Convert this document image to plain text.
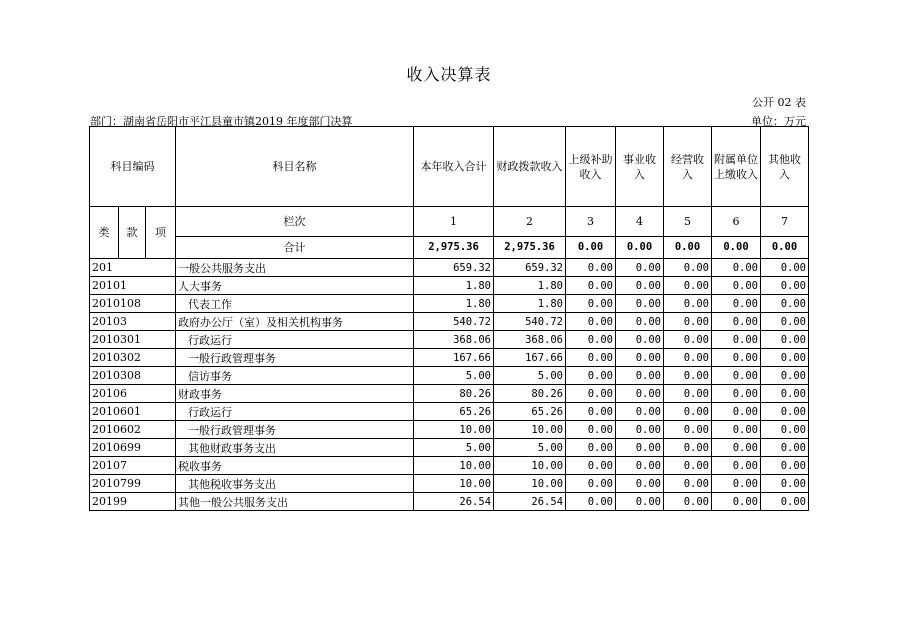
收入决算表
公开 02 表
部门：湖南省岳阳市平江县童市镇2019 年度部门决算	单位：万元
科目编码			科目名称	本年收入合计	财政拨款收入	上级补助收入	事业收入	经营收入	附属单位上缴收入	其他收入
类	款	项	栏次	1	2	3	4	5	6	7
			合计	2,975.36	2,975.36	0.00	0.00	0.00	0.00	0.00
201			一般公共服务支出	659.32	659.32	0.00	0.00	0.00	0.00	0.00
20101			人大事务	1.80	1.80	0.00	0.00	0.00	0.00	0.00
2010108			代表工作	1.80	1.80	0.00	0.00	0.00	0.00	0.00
20103			政府办公厅（室）及相关机构事务	540.72	540.72	0.00	0.00	0.00	0.00	0.00
2010301			行政运行	368.06	368.06	0.00	0.00	0.00	0.00	0.00
2010302			一般行政管理事务	167.66	167.66	0.00	0.00	0.00	0.00	0.00
2010308			信访事务	5.00	5.00	0.00	0.00	0.00	0.00	0.00
20106			财政事务	80.26	80.26	0.00	0.00	0.00	0.00	0.00
2010601			行政运行	65.26	65.26	0.00	0.00	0.00	0.00	0.00
2010602			一般行政管理事务	10.00	10.00	0.00	0.00	0.00	0.00	0.00
2010699			其他财政事务支出	5.00	5.00	0.00	0.00	0.00	0.00	0.00
20107			税收事务	10.00	10.00	0.00	0.00	0.00	0.00	0.00
2010799			其他税收事务支出	10.00	10.00	0.00	0.00	0.00	0.00	0.00
20199			其他一般公共服务支出	26.54	26.54	0.00	0.00	0.00	0.00	0.00
